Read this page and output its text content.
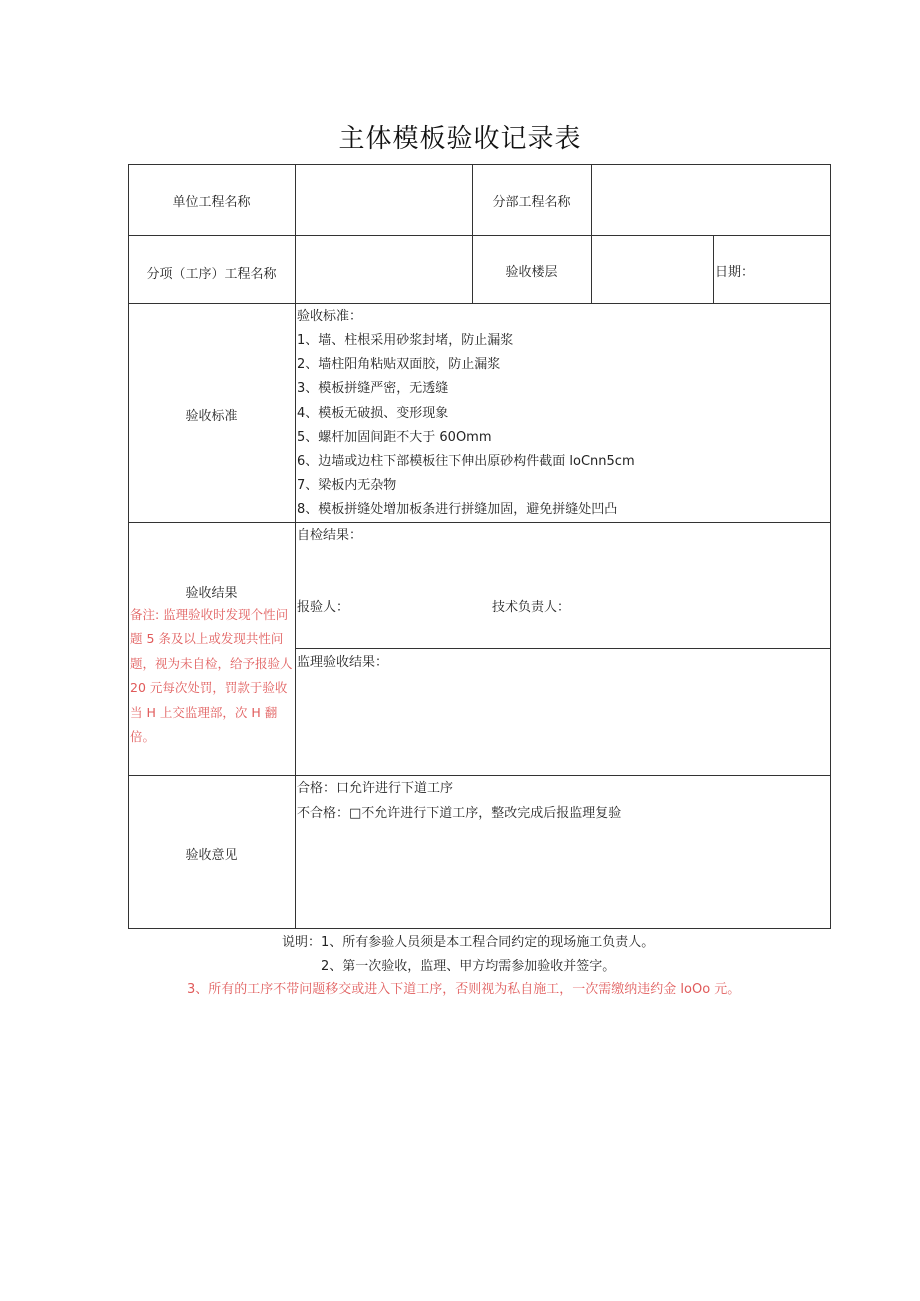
主体模板验收记录表
单位工程名称	分部工程名称
分项（工序）工程名称	验收楼层	日期：
验收标准
验收标准：
1、墙、柱根采用砂浆封堵，防止漏浆
2、墙柱阳角粘贴双面胶，防止漏浆
3、模板拼缝严密，无透缝
4、模板无破损、变形现象
5、螺杆加固间距不大于 60Omm
6、边墙或边柱下部模板往下伸出原砂构件截面 loCnn5cm
7、梁板内无杂物
8、模板拼缝处增加板条进行拼缝加固，避免拼缝处凹凸
验收结果
备注: 监理验收时发现个性问题 5 条及以上或发现共性问题，视为未自检，给予报验人 20 元每次处罚，罚款于验收当 H 上交监理部，次 H 翻倍。
自检结果：
报验人：	技术负责人：
监理验收结果：
验收意见
合格：口允许进行下道工序
不合格：□不允许进行下道工序，整改完成后报监理复验
说明：1、所有参验人员须是本工程合同约定的现场施工负责人。
2、第一次验收，监理、甲方均需参加验收并签字。
3、所有的工序不带问题移交或进入下道工序，否则视为私自施工，一次需缴纳违约金 loOo 元。
